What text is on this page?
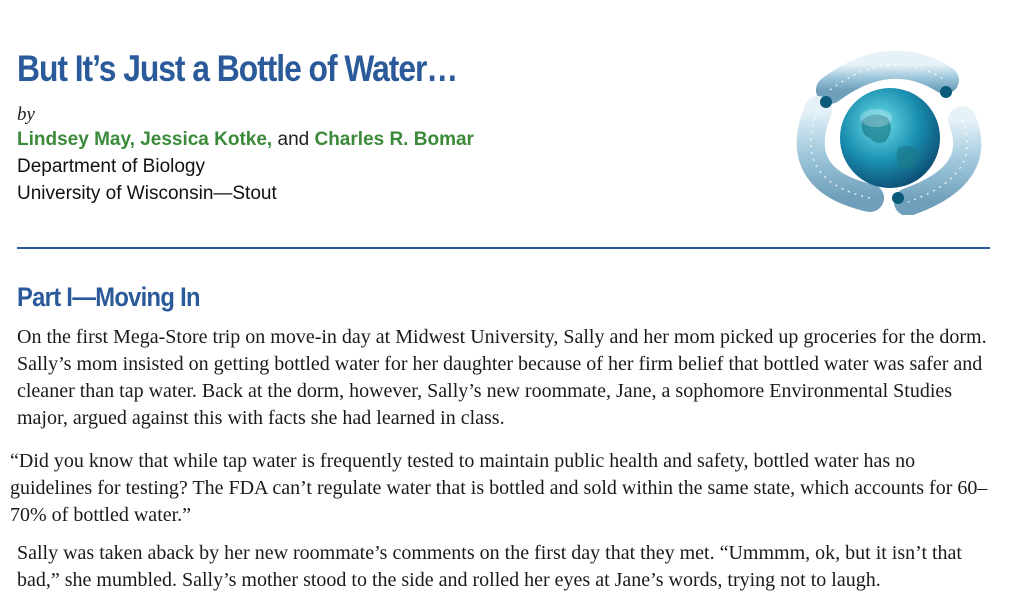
But It’s Just a Bottle of Water…
by
Lindsey May, Jessica Kotke, and Charles R. Bomar
Department of Biology
University of Wisconsin—Stout
Part I—Moving In

On the first Mega-Store trip on move-in day at Midwest University, Sally and her mom picked up groceries for the dorm. Sally’s mom insisted on getting bottled water for her daughter because of her firm belief that bottled water was safer and cleaner than tap water. Back at the dorm, however, Sally’s new roommate, Jane, a sophomore Environmental Studies major, argued against this with facts she had learned in class.

“Did you know that while tap water is frequently tested to maintain public health and safety, bottled water has no guidelines for testing? The FDA can’t regulate water that is bottled and sold within the same state, which accounts for 60–70% of bottled water.”

Sally was taken aback by her new roommate’s comments on the first day that they met. “Ummmm, ok, but it isn’t that bad,” she mumbled. Sally’s mother stood to the side and rolled her eyes at Jane’s words, trying not to laugh.
